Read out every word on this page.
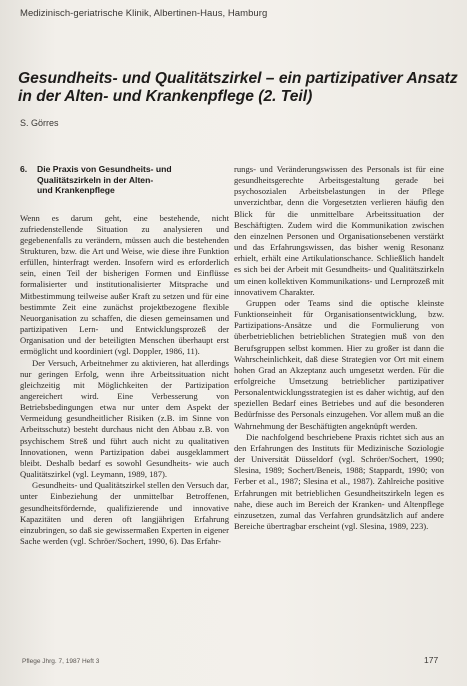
Medizinisch-geriatrische Klinik, Albertinen-Haus, Hamburg
Gesundheits- und Qualitätszirkel – ein partizipativer Ansatz in der Alten- und Krankenpflege (2. Teil)
S. Görres
6.	Die Praxis von Gesundheits- und
Qualitätszirkeln in der Alten-
und Krankenpflege

Wenn es darum geht, eine bestehende, nicht zufriedenstellende Situation zu analysieren und gegebenenfalls zu verändern, müssen auch die bestehenden Strukturen, bzw. die Art und Weise, wie diese ihre Funktion erfüllen, hinterfragt werden. Insofern wird es erforderlich sein, einen Teil der bisherigen Formen und Einflüsse formalisierter und institutionalisierter Mitsprache und Mitbestimmung teilweise außer Kraft zu setzen und für eine bestimmte Zeit eine zunächst projektbezogene flexible Neuorganisation zu schaffen, die diesen gemeinsamen und partizipativen Lern- und Entwicklungsprozeß der Organisation und der beteiligten Menschen überhaupt erst ermöglicht und koordiniert (vgl. Doppler, 1986, 11).

Der Versuch, Arbeitnehmer zu aktivieren, hat allerdings nur geringen Erfolg, wenn ihre Arbeitssituation nicht gleichzeitig mit Möglichkeiten der Partizipation angereichert wird. Eine Verbesserung von Betriebsbedingungen etwa nur unter dem Aspekt der Vermeidung gesundheitlicher Risiken (z.B. im Sinne von Arbeitsschutz) besteht durchaus nicht den Abbau z.B. von psychischem Streß und führt auch nicht zu qualitativen Innovationen, wenn Partizipation dabei ausgeklammert bleibt. Deshalb bedarf es sowohl Gesundheits- wie auch Qualitätszirkel (vgl. Leymann, 1989, 187).

Gesundheits- und Qualitätszirkel stellen den Versuch dar, unter Einbeziehung der unmittelbar Betroffenen, gesundheitsfördernde, qualifizierende und innovative Kapazitäten und deren oft langjährigen Erfahrung einzubringen, so daß sie gewissermaßen Experten in eigener Sache werden (vgl. Schröer/Sochert, 1990, 6). Das Erfahr-

rungs- und Veränderungswissen des Personals ist für eine gesundheitsgerechte Arbeitsgestaltung gerade bei psychosozialen Arbeitsbelastungen in der Pflege unverzichtbar, denn die Vorgesetzten verlieren häufig den Blick für die unmittelbare Arbeitssituation der Beschäftigten. Zudem wird die Kommunikation zwischen den einzelnen Personen und Organisationsebenen verstärkt und das Erfahrungswissen, das bisher wenig Resonanz erhielt, erhält eine Artikulationschance. Schließlich handelt es sich bei der Arbeit mit Gesundheits- und Qualitätszirkeln um einen kollektiven Kommunikations- und Lernprozeß mit innovativem Charakter.

Gruppen oder Teams sind die optische kleinste Funktionseinheit für Organisationsentwicklung, bzw. Partizipations-Ansätze und die Formulierung von überbetrieblichen betrieblichen Strategien muß von den Berufsgruppen selbst kommen. Hier zu großer ist dann die Wahrscheinlichkeit, daß diese Strategien vor Ort mit einem hohen Grad an Akzeptanz auch umgesetzt werden. Für die erfolgreiche Umsetzung betrieblicher partizipativer Personalentwicklungsstrategien ist es daher wichtig, auf den speziellen Bedarf eines Betriebes und auf die besonderen Bedürfnisse des Personals einzugehen. Vor allem muß an die Wahrnehmung der Beschäftigten angeknüpft werden.

Die nachfolgend beschriebene Praxis richtet sich aus an den Erfahrungen des Instituts für Medizinische Soziologie der Universität Düsseldorf (vgl. Schröer/Sochert, 1990; Slesina, 1989; Sochert/Beneis, 1988; Stappardt, 1990; von Ferber et al., 1987; Slesina et al., 1987). Zahlreiche positive Erfahrungen mit betrieblichen Gesundheitszirkeln legen es nahe, diese auch im Bereich der Kranken- und Altenpflege einzusetzen, zumal das Verfahren grundsätzlich auf andere Bereiche übertragbar erscheint (vgl. Slesina, 1989, 223).

Pflege Jhrg. 7, 1987 Heft 3	177
